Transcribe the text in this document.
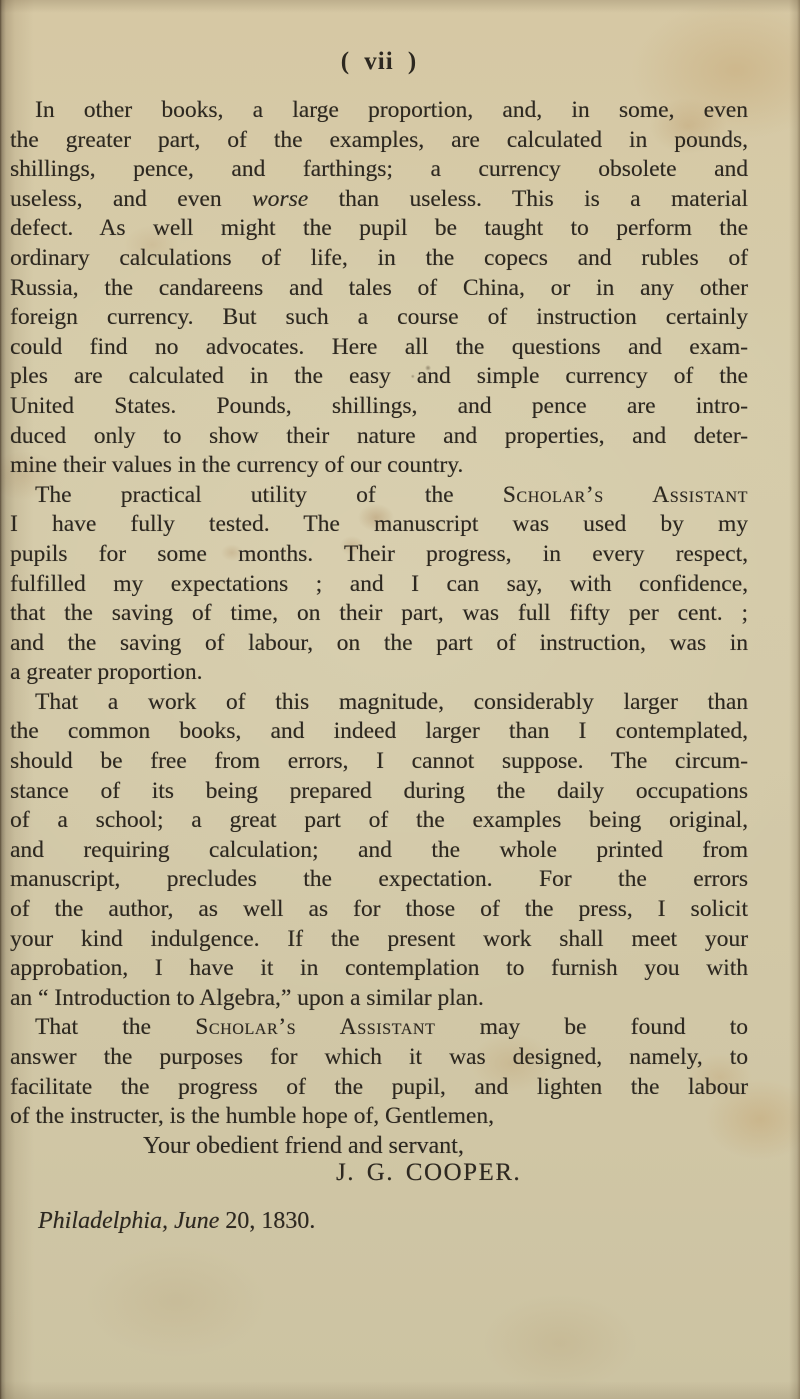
( vii )

In other books, a large proportion, and, in some, even
the greater part, of the examples, are calculated in pounds,
shillings, pence, and farthings; a currency obsolete and
useless, and even worse than useless. This is a material
defect. As well might the pupil be taught to perform the
ordinary calculations of life, in the copecs and rubles of
Russia, the candareens and tales of China, or in any other
foreign currency. But such a course of instruction certainly
could find no advocates. Here all the questions and exam-
ples are calculated in the easy and simple currency of the
United States. Pounds, shillings, and pence are intro-
duced only to show their nature and properties, and deter-
mine their values in the currency of our country.

The practical utility of the Scholar’s Assistant
I have fully tested. The manuscript was used by my
pupils for some months. Their progress, in every respect,
fulfilled my expectations ; and I can say, with confidence,
that the saving of time, on their part, was full fifty per cent. ;
and the saving of labour, on the part of instruction, was in
a greater proportion.

That a work of this magnitude, considerably larger than
the common books, and indeed larger than I contemplated,
should be free from errors, I cannot suppose. The circum-
stance of its being prepared during the daily occupations
of a school; a great part of the examples being original,
and requiring calculation; and the whole printed from
manuscript, precludes the expectation. For the errors
of the author, as well as for those of the press, I solicit
your kind indulgence. If the present work shall meet your
approbation, I have it in contemplation to furnish you with
an “ Introduction to Algebra,” upon a similar plan.

That the Scholar’s Assistant may be found to
answer the purposes for which it was designed, namely, to
facilitate the progress of the pupil, and lighten the labour
of the instructer, is the humble hope of, Gentlemen,

Your obedient friend and servant,
J. G. COOPER.
Philadelphia, June 20, 1830.
